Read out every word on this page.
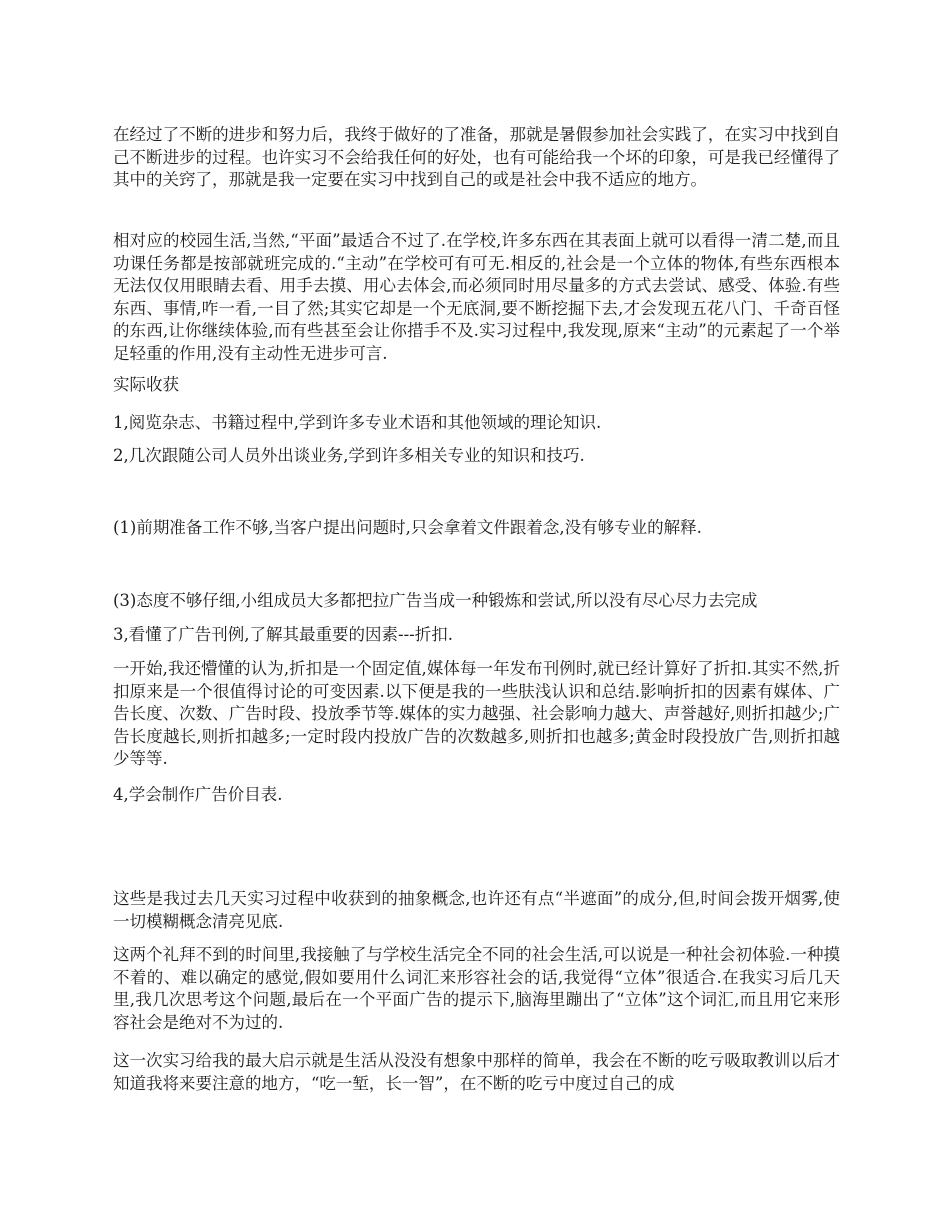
在经过了不断的进步和努力后，我终于做好的了准备，那就是暑假参加社会实践了，在实习中找到自己不断进步的过程。也许实习不会给我任何的好处，也有可能给我一个坏的印象，可是我已经懂得了其中的关窍了，那就是我一定要在实习中找到自己的或是社会中我不适应的地方。

相对应的校园生活,当然,“平面”最适合不过了.在学校,许多东西在其表面上就可以看得一清二楚,而且功课任务都是按部就班完成的.“主动”在学校可有可无.相反的,社会是一个立体的物体,有些东西根本无法仅仅用眼睛去看、用手去摸、用心去体会,而必须同时用尽量多的方式去尝试、感受、体验.有些东西、事情,咋一看,一目了然;其实它却是一个无底洞,要不断挖掘下去,才会发现五花八门、千奇百怪的东西,让你继续体验,而有些甚至会让你措手不及.实习过程中,我发现,原来“主动”的元素起了一个举足轻重的作用,没有主动性无进步可言.

实际收获

1,阅览杂志、书籍过程中,学到许多专业术语和其他领域的理论知识.

2,几次跟随公司人员外出谈业务,学到许多相关专业的知识和技巧.

(1)前期准备工作不够,当客户提出问题时,只会拿着文件跟着念,没有够专业的解释.

(3)态度不够仔细,小组成员大多都把拉广告当成一种锻炼和尝试,所以没有尽心尽力去完成

3,看懂了广告刊例,了解其最重要的因素---折扣.

一开始,我还懵懂的认为,折扣是一个固定值,媒体每一年发布刊例时,就已经计算好了折扣.其实不然,折扣原来是一个很值得讨论的可变因素.以下便是我的一些肤浅认识和总结.影响折扣的因素有媒体、广告长度、次数、广告时段、投放季节等.媒体的实力越强、社会影响力越大、声誉越好,则折扣越少;广告长度越长,则折扣越多;一定时段内投放广告的次数越多,则折扣也越多;黄金时段投放广告,则折扣越少等等.

4,学会制作广告价目表.

这些是我过去几天实习过程中收获到的抽象概念,也许还有点“半遮面”的成分,但,时间会拨开烟雾,使一切模糊概念清亮见底.

这两个礼拜不到的时间里,我接触了与学校生活完全不同的社会生活,可以说是一种社会初体验.一种摸不着的、难以确定的感觉,假如要用什么词汇来形容社会的话,我觉得“立体”很适合.在我实习后几天里,我几次思考这个问题,最后在一个平面广告的提示下,脑海里蹦出了“立体”这个词汇,而且用它来形容社会是绝对不为过的.

这一次实习给我的最大启示就是生活从没没有想象中那样的简单，我会在不断的吃亏吸取教训以后才知道我将来要注意的地方，“吃一堑，长一智”，在不断的吃亏中度过自己的成
